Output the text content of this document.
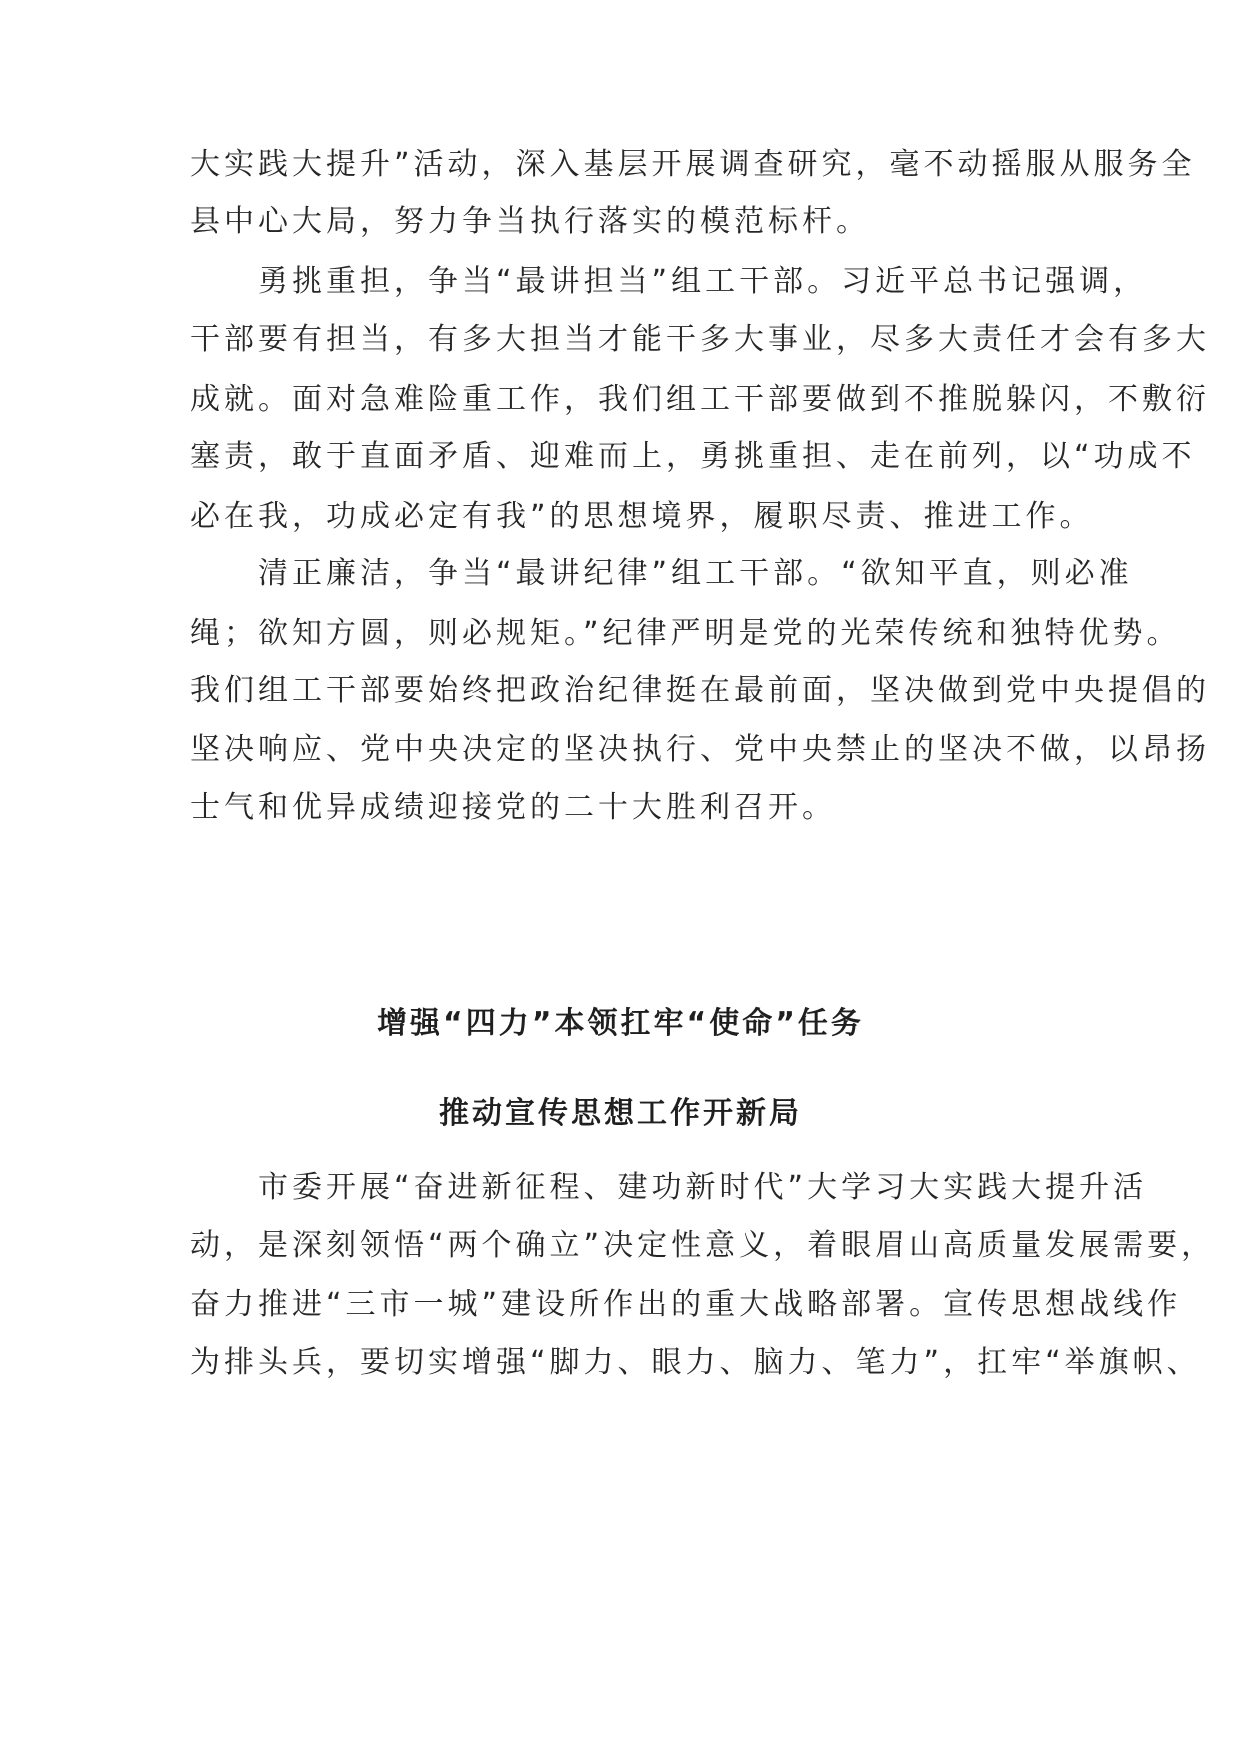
大实践大提升”活动，深入基层开展调查研究，毫不动摇服从服务全
县中心大局，努力争当执行落实的模范标杆。
勇挑重担，争当“最讲担当”组工干部。习近平总书记强调，
干部要有担当，有多大担当才能干多大事业，尽多大责任才会有多大
成就。面对急难险重工作，我们组工干部要做到不推脱躲闪，不敷衍
塞责，敢于直面矛盾、迎难而上，勇挑重担、走在前列，以“功成不
必在我，功成必定有我”的思想境界，履职尽责、推进工作。
清正廉洁，争当“最讲纪律”组工干部。“欲知平直，则必准
绳；欲知方圆，则必规矩。”纪律严明是党的光荣传统和独特优势。
我们组工干部要始终把政治纪律挺在最前面，坚决做到党中央提倡的
坚决响应、党中央决定的坚决执行、党中央禁止的坚决不做，以昂扬
士气和优异成绩迎接党的二十大胜利召开。
增强“四力”本领扛牢“使命”任务
推动宣传思想工作开新局
市委开展“奋进新征程、建功新时代”大学习大实践大提升活
动，是深刻领悟“两个确立”决定性意义，着眼眉山高质量发展需要，
奋力推进“三市一城”建设所作出的重大战略部署。宣传思想战线作
为排头兵，要切实增强“脚力、眼力、脑力、笔力”，扛牢“举旗帜、
